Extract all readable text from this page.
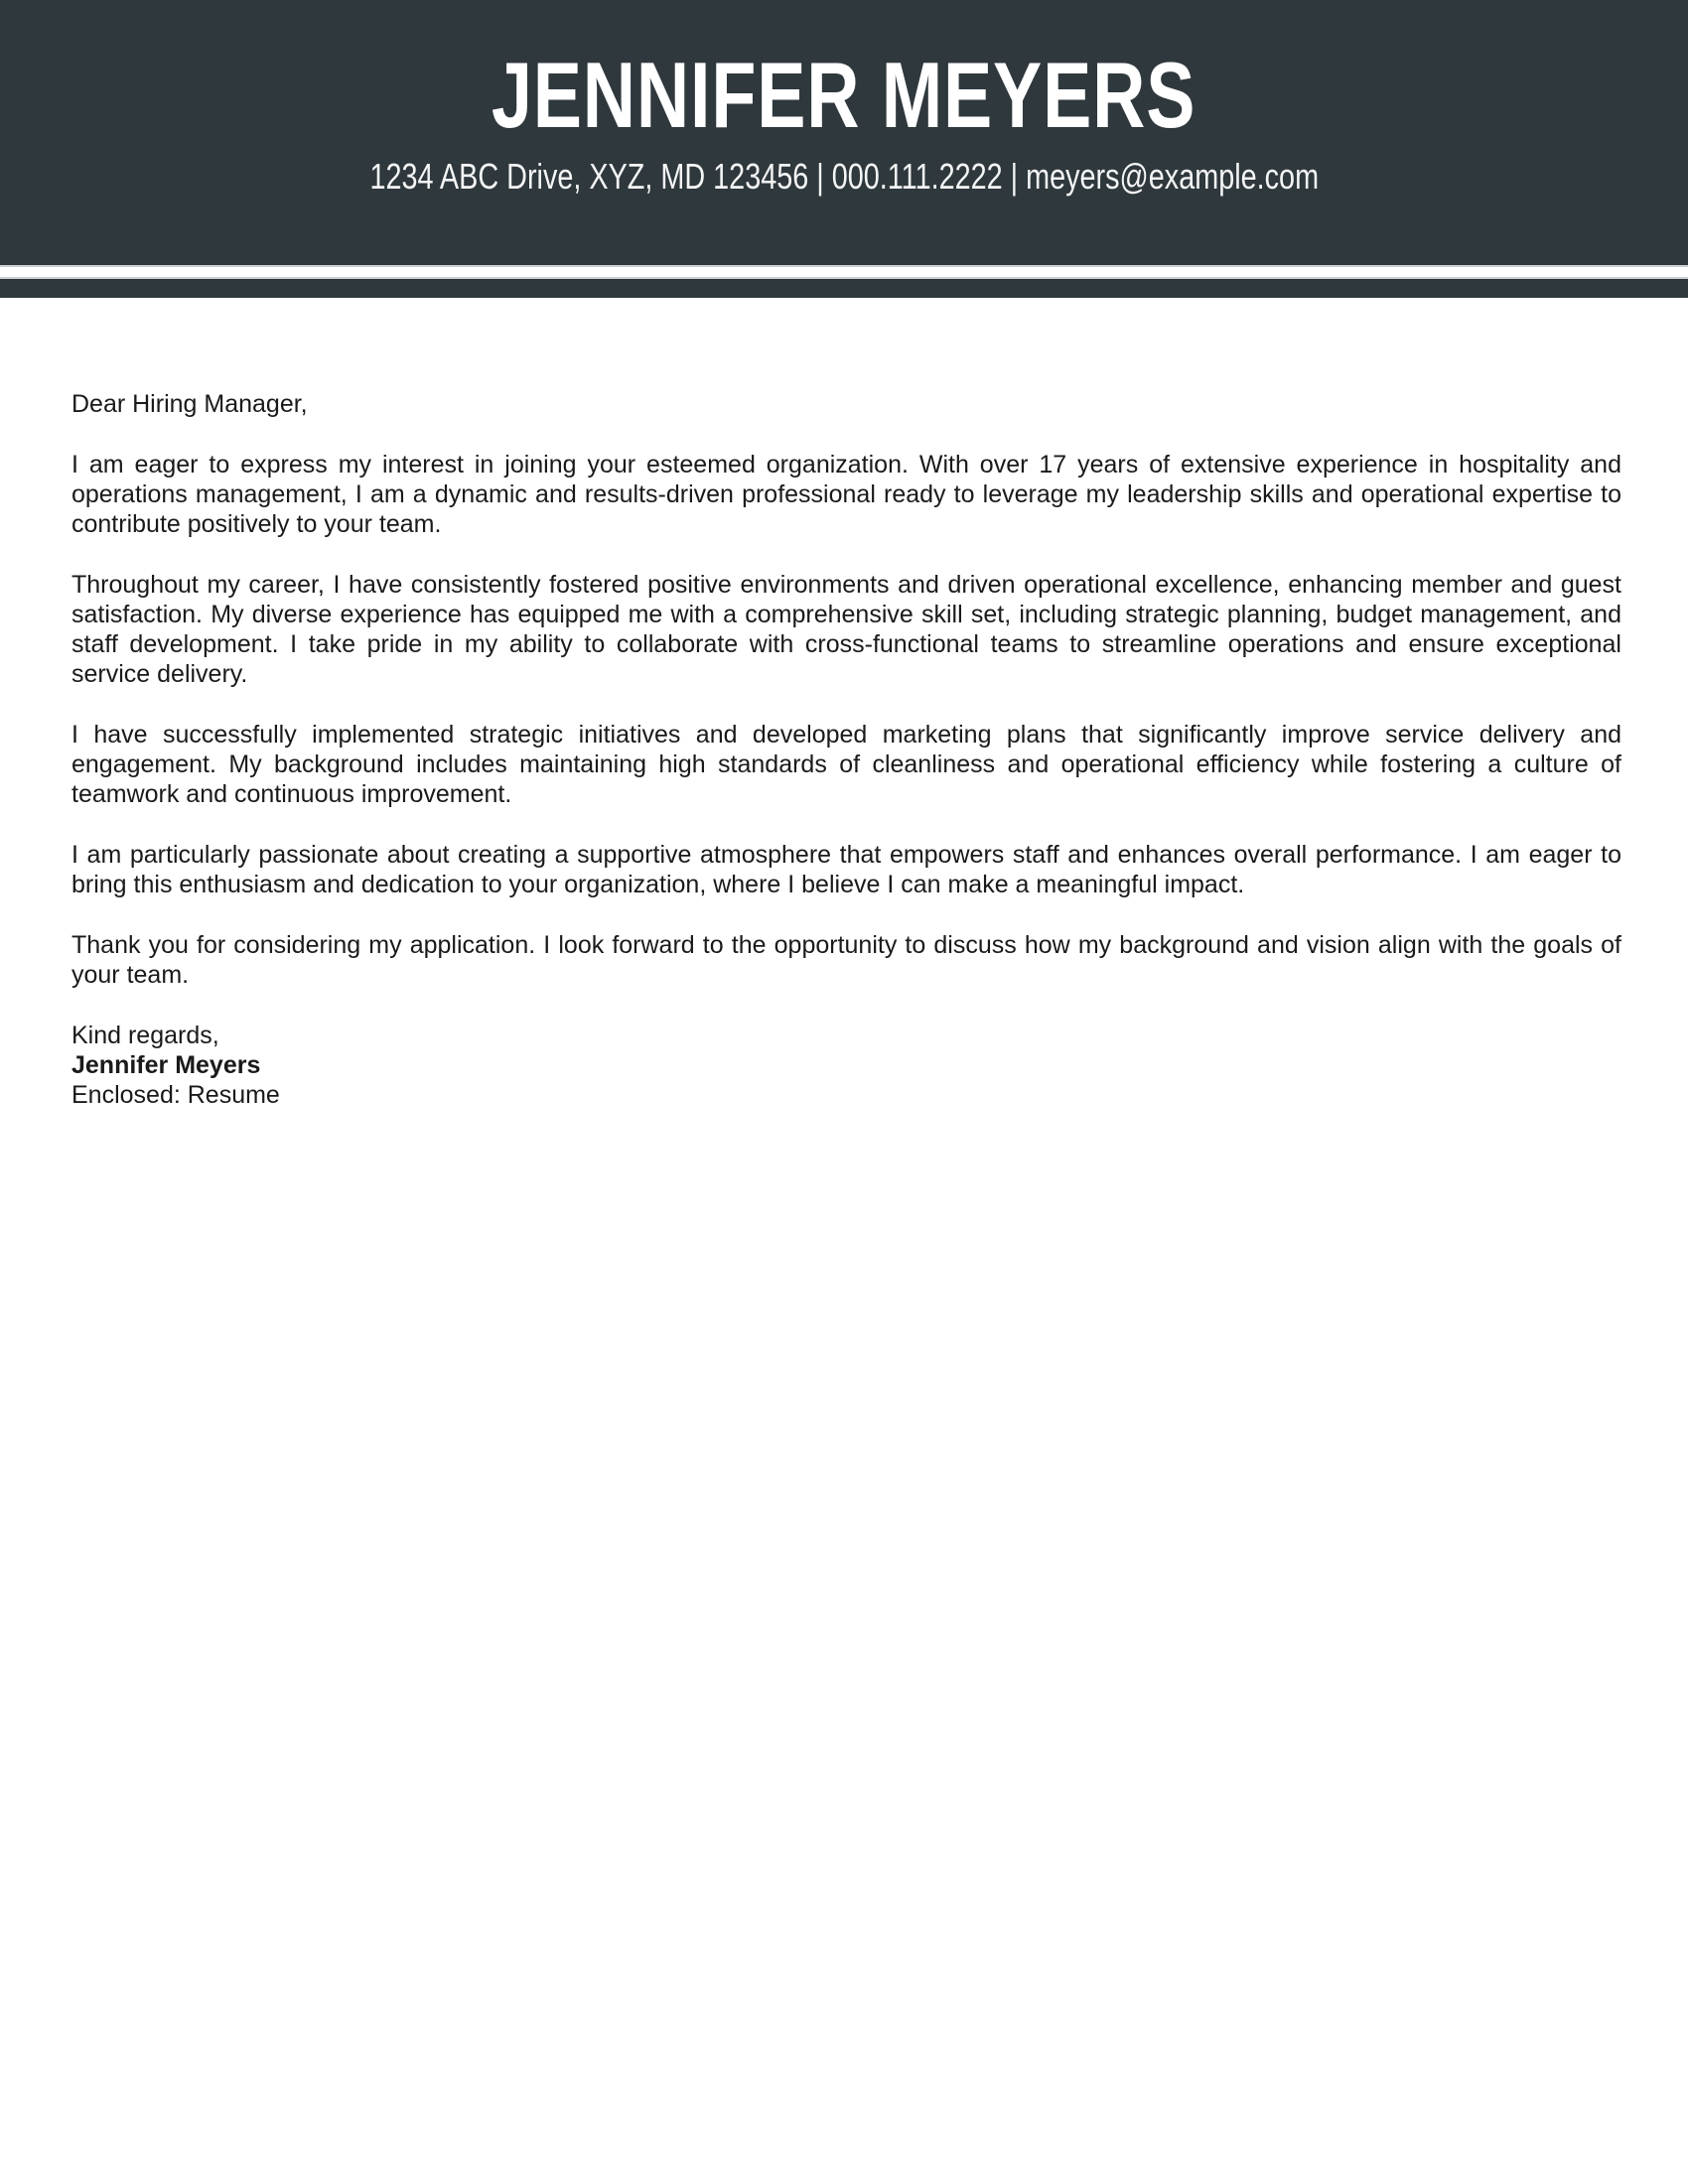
JENNIFER MEYERS
1234 ABC Drive, XYZ, MD 123456 | 000.111.2222 | meyers@example.com

Dear Hiring Manager,

I am eager to express my interest in joining your esteemed organization. With over 17 years of extensive experience in hospitality and operations management, I am a dynamic and results-driven professional ready to leverage my leadership skills and operational expertise to contribute positively to your team.

Throughout my career, I have consistently fostered positive environments and driven operational excellence, enhancing member and guest satisfaction. My diverse experience has equipped me with a comprehensive skill set, including strategic planning, budget management, and staff development. I take pride in my ability to collaborate with cross-functional teams to streamline operations and ensure exceptional service delivery.

I have successfully implemented strategic initiatives and developed marketing plans that significantly improve service delivery and engagement. My background includes maintaining high standards of cleanliness and operational efficiency while fostering a culture of teamwork and continuous improvement.

I am particularly passionate about creating a supportive atmosphere that empowers staff and enhances overall performance. I am eager to bring this enthusiasm and dedication to your organization, where I believe I can make a meaningful impact.

Thank you for considering my application. I look forward to the opportunity to discuss how my background and vision align with the goals of your team.

Kind regards,
Jennifer Meyers
Enclosed: Resume
